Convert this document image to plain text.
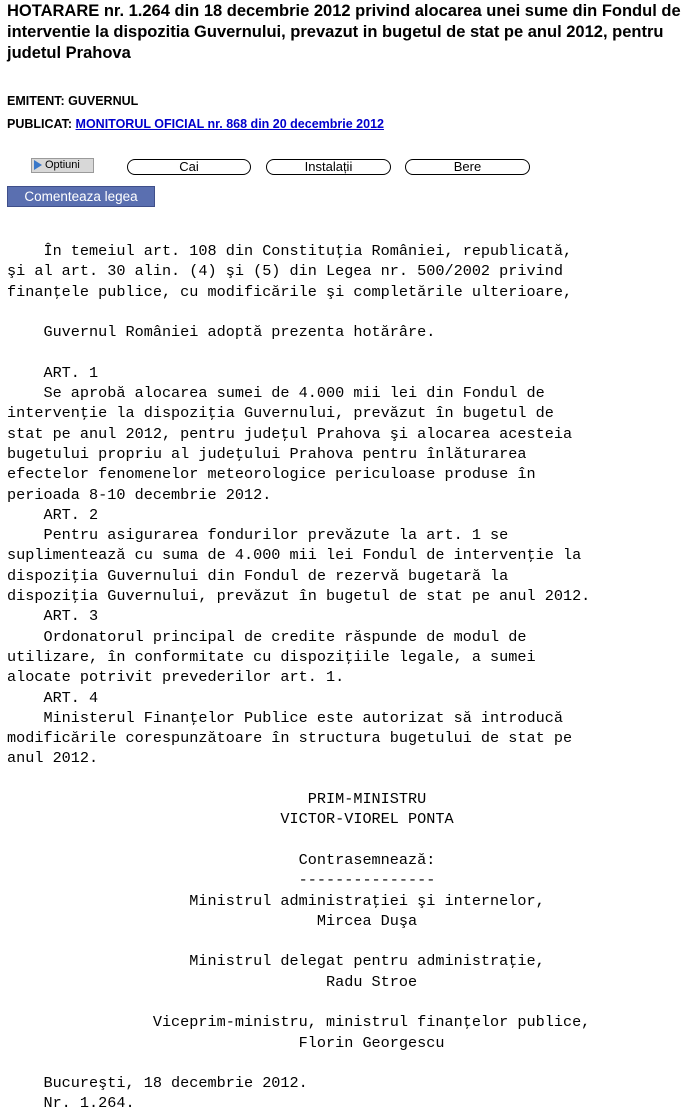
HOTARARE nr. 1.264 din 18 decembrie 2012 privind alocarea unei sume din Fondul de interventie la dispozitia Guvernului, prevazut in bugetul de stat pe anul 2012, pentru judetul Prahova
EMITENT: GUVERNUL
PUBLICAT: MONITORUL OFICIAL nr. 868 din 20 decembrie 2012
Optiuni	Cai	Instalații	Bere
Comenteaza legea
În temeiul art. 108 din Constituţia României, republicată,
şi al art. 30 alin. (4) şi (5) din Legea nr. 500/2002 privind
finanţele publice, cu modificările şi completările ulterioare,

Guvernul României adoptă prezenta hotărâre.

ART. 1
Se aprobă alocarea sumei de 4.000 mii lei din Fondul de
intervenţie la dispoziţia Guvernului, prevăzut în bugetul de
stat pe anul 2012, pentru judeţul Prahova şi alocarea acesteia
bugetului propriu al judeţului Prahova pentru înlăturarea
efectelor fenomenelor meteorologice periculoase produse în
perioada 8-10 decembrie 2012.
ART. 2
Pentru asigurarea fondurilor prevăzute la art. 1 se
suplimentează cu suma de 4.000 mii lei Fondul de intervenţie la
dispoziţia Guvernului din Fondul de rezervă bugetară la
dispoziţia Guvernului, prevăzut în bugetul de stat pe anul 2012.
ART. 3
Ordonatorul principal de credite răspunde de modul de
utilizare, în conformitate cu dispoziţiile legale, a sumei
alocate potrivit prevederilor art. 1.
ART. 4
Ministerul Finanţelor Publice este autorizat să introducă
modificările corespunzătoare în structura bugetului de stat pe
anul 2012.

PRIM-MINISTRU
VICTOR-VIOREL PONTA

Contrasemnează:
---------------
Ministrul administraţiei şi internelor,
Mircea Duşa

Ministrul delegat pentru administraţie,
Radu Stroe

Viceprim-ministru, ministrul finanţelor publice,
Florin Georgescu

Bucureşti, 18 decembrie 2012.
Nr. 1.264.
